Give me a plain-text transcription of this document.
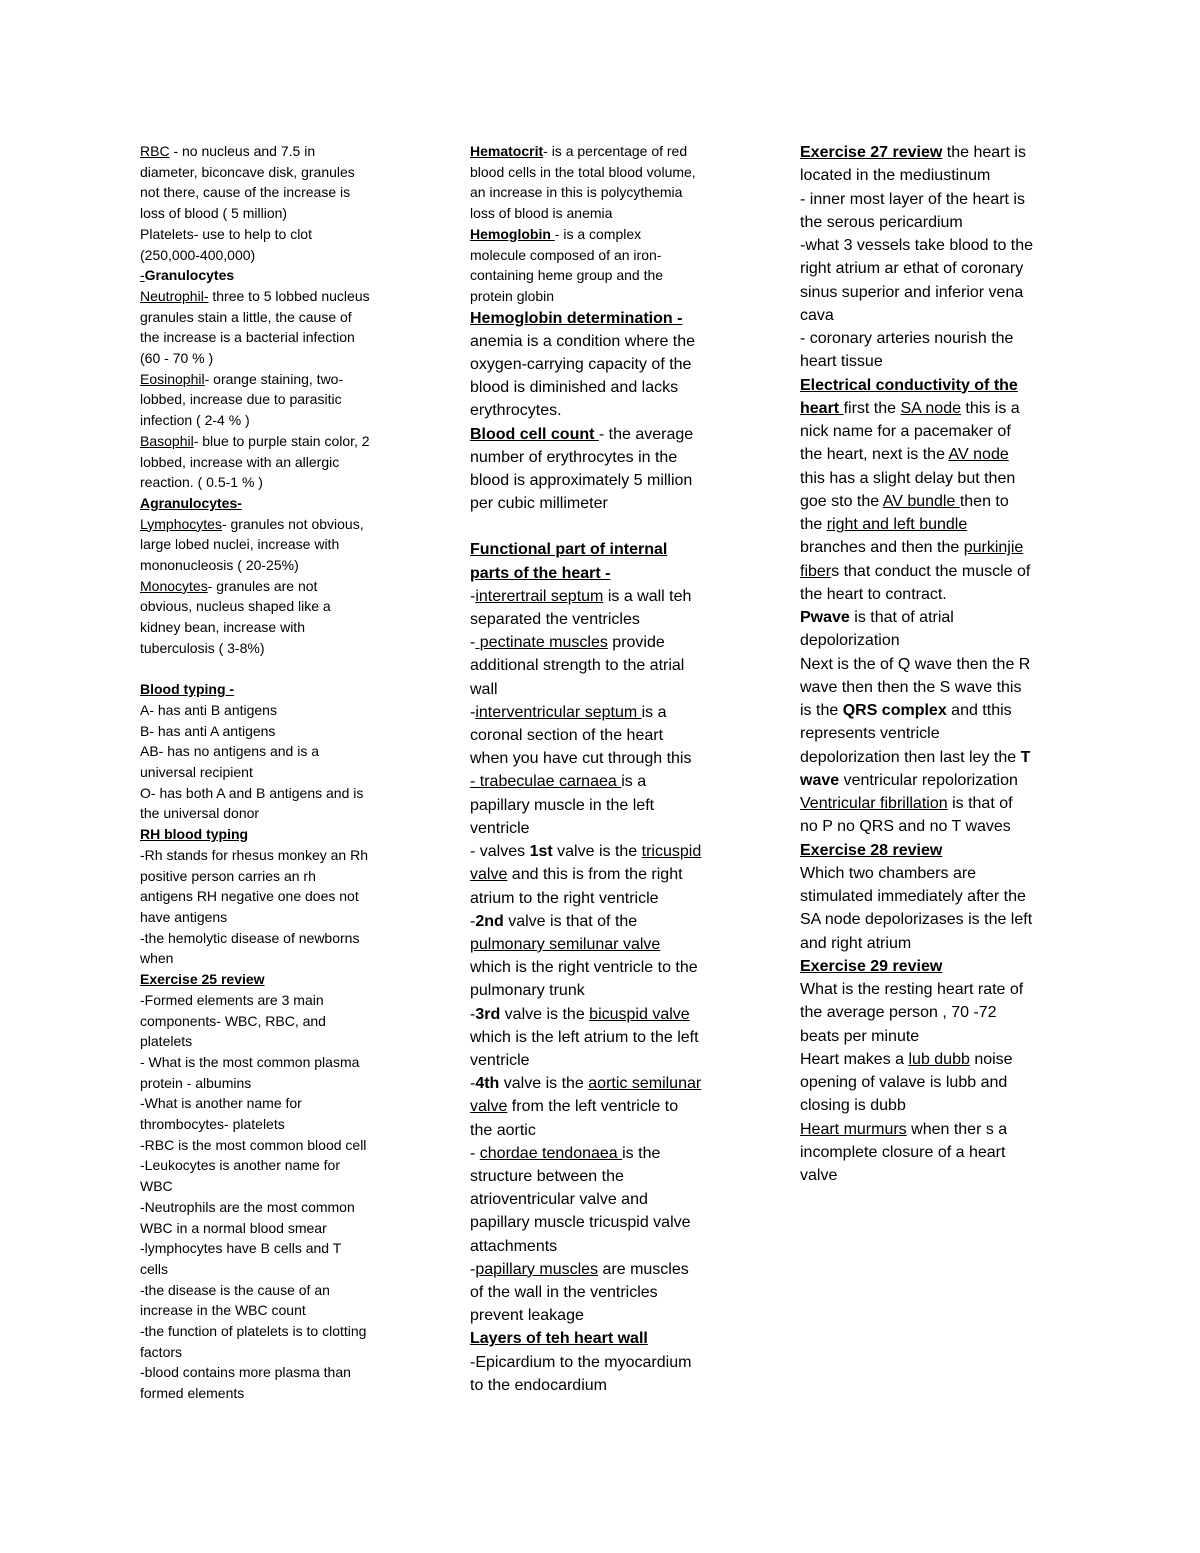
RBC - no nucleus and 7.5 in

diameter, biconcave disk, granules

not there, cause of the increase is

loss of blood ( 5 million)

Platelets- use to help to clot

(250,000-400,000)

-Granulocytes

Neutrophil- three to 5 lobbed nucleus

granules stain a little, the cause of

the increase is a bacterial infection

(60 - 70 % )

Eosinophil- orange staining, two-

lobbed, increase due to parasitic

infection ( 2-4 % )

Basophil- blue to purple stain color, 2

lobbed, increase with an allergic

reaction. ( 0.5-1 % )

Agranulocytes-

Lymphocytes- granules not obvious,

large lobed nuclei, increase with

mononucleosis ( 20-25%)

Monocytes- granules are not

obvious, nucleus shaped like a

kidney bean, increase with

tuberculosis ( 3-8%)

Blood typing -

A- has anti B antigens

B- has anti A antigens

AB- has no antigens and is a

universal recipient

O- has both A and B antigens and is

the universal donor

RH blood typing

-Rh stands for rhesus monkey an Rh

positive person carries an rh

antigens RH negative one does not

have antigens

-the hemolytic disease of newborns

when

Exercise 25 review

-Formed elements are 3 main

components- WBC, RBC, and

platelets

- What is the most common plasma

protein - albumins

-What is another name for

thrombocytes- platelets

-RBC is the most common blood cell

-Leukocytes is another name for

WBC

-Neutrophils are the most common

WBC in a normal blood smear

-lymphocytes have B cells and T

cells

-the disease is the cause of an

increase in the WBC count

-the function of platelets is to clotting

factors

-blood contains more plasma than

formed elements

Hematocrit- is a percentage of red

blood cells in the total blood volume,

an increase in this is polycythemia

loss of blood is anemia

Hemoglobin - is a complex

molecule composed of an iron-

containing heme group and the

protein globin

Hemoglobin determination -

anemia is a condition where the

oxygen-carrying capacity of the

blood is diminished and lacks

erythrocytes.

Blood cell count - the average

number of erythrocytes in the

blood is approximately 5 million

per cubic millimeter

Functional part of internal

parts of the heart -

-interertrail septum is a wall teh

separated the ventricles

- pectinate muscles provide

additional strength to the atrial

wall

-interventricular septum is a

coronal section of the heart

when you have cut through this

- trabeculae carnaea is a

papillary muscle in the left

ventricle

- valves 1st valve is the tricuspid

valve and this is from the right

atrium to the right ventricle

-2nd valve is that of the

pulmonary semilunar valve

which is the right ventricle to the

pulmonary trunk

-3rd valve is the bicuspid valve

which is the left atrium to the left

ventricle

-4th valve is the aortic semilunar

valve from the left ventricle to

the aortic

- chordae tendonaea is the

structure between the

atrioventricular valve and

papillary muscle tricuspid valve

attachments

-papillary muscles are muscles

of the wall in the ventricles

prevent leakage

Layers of teh heart wall

-Epicardium to the myocardium

to the endocardium

Exercise 27 review the heart is

located in the mediustinum

- inner most layer of the heart is

the serous pericardium

-what 3 vessels take blood to the

right atrium ar ethat of coronary

sinus superior and inferior vena

cava

- coronary arteries nourish the

heart tissue

Electrical conductivity of the

heart first the SA node this is a

nick name for a pacemaker of

the heart, next is the AV node

this has a slight delay but then

goe sto the AV bundle then to

the right and left bundle

branches and then the purkinjie

fibers that conduct the muscle of

the heart to contract.

Pwave is that of atrial

depolorization

Next is the of Q wave then the R

wave then then the S wave this

is the QRS complex and tthis

represents ventricle

depolorization then last ley the T

wave ventricular repolorization

Ventricular fibrillation is that of

no P no QRS and no T waves

Exercise 28 review

Which two chambers are

stimulated immediately after the

SA node depolorizases is the left

and right atrium

Exercise 29 review

What is the resting heart rate of

the average person , 70 -72

beats per minute

Heart makes a lub dubb noise

opening of valave is lubb and

closing is dubb

Heart murmurs when ther s a

incomplete closure of a heart

valve
